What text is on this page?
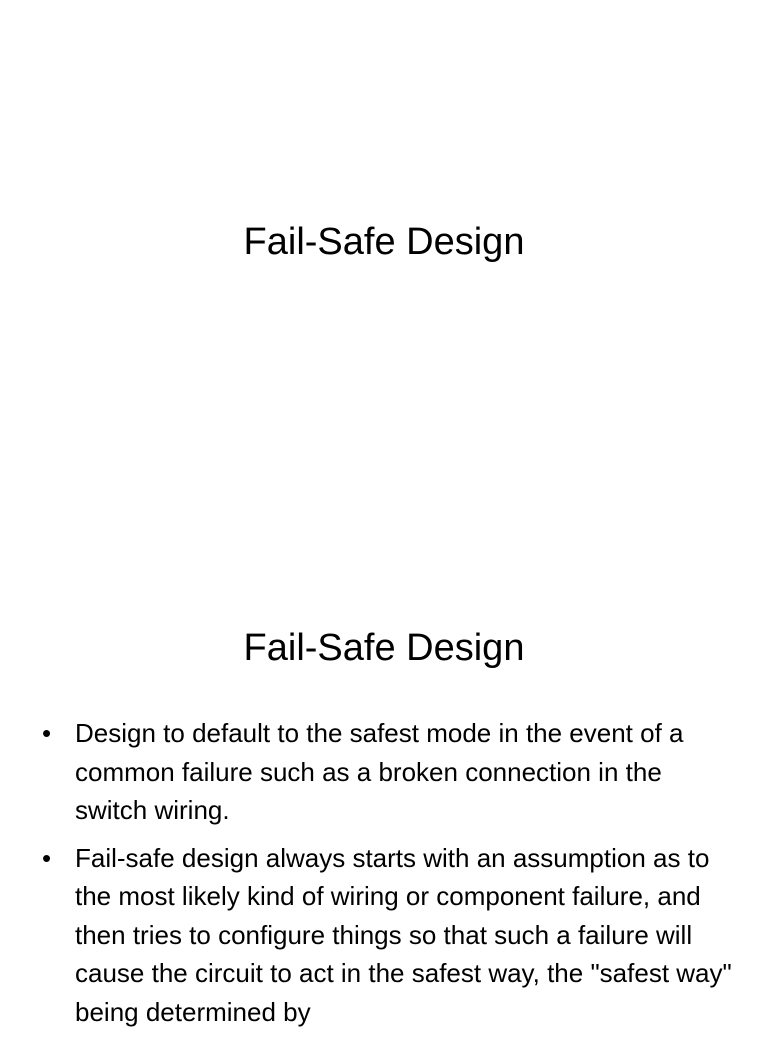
Fail-Safe Design
Fail-Safe Design
• Design to default to the safest mode in the event of a common failure such as a broken connection in the switch wiring.
• Fail-safe design always starts with an assumption as to the most likely kind of wiring or component failure, and then tries to configure things so that such a failure will cause the circuit to act in the safest way, the "safest way" being determined by
